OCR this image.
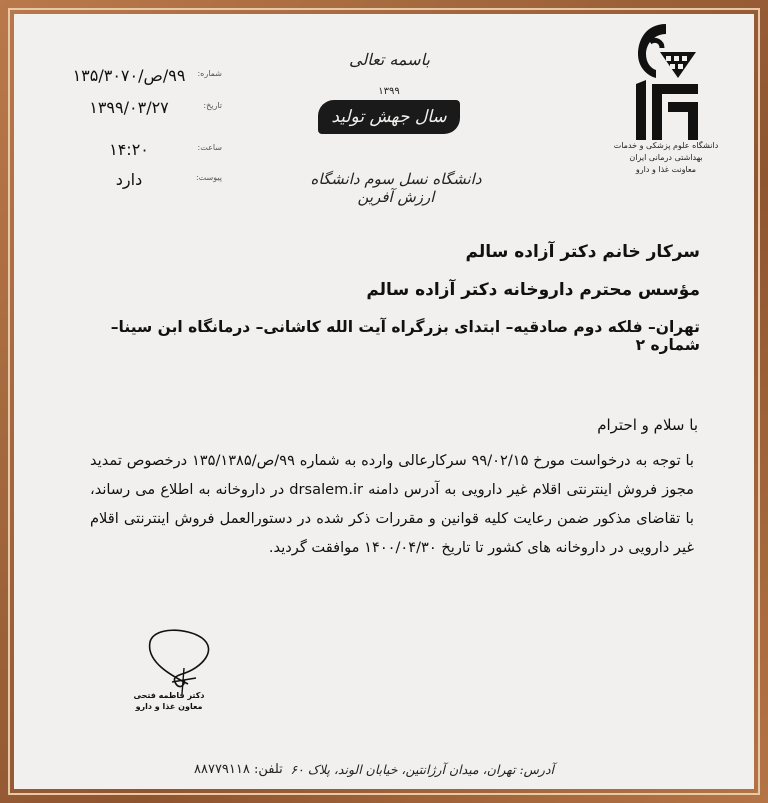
باسمه تعالی
۱۳۹۹
سال جهش تولید
دانشگاه نسل سوم دانشگاه ارزش آفرین
دانشگاه علوم پزشکی و خدمات بهداشتی درمانی ایران
معاونت غذا و دارو
۹۹/ص/۱۳۵/۳۰۷۰	شماره:
۱۳۹۹/۰۳/۲۷	تاریخ:
۱۴:۲۰	ساعت:
دارد	پیوست:
سرکار خانم دکتر آزاده سالم
مؤسس محترم داروخانه دکتر آزاده سالم
تهران– فلکه دوم صادقیه– ابتدای بزرگراه آیت الله کاشانی– درمانگاه ابن سینا– شماره ۲
با سلام و احترام
با توجه به درخواست مورخ ۹۹/۰۲/۱۵ سرکارعالی وارده به شماره ۹۹/ص/۱۳۵/۱۳۸۵ درخصوص تمدید مجوز فروش اینترنتی اقلام غیر دارویی به آدرس دامنه drsalem.ir در داروخانه به اطلاع می رساند، با تقاضای مذکور ضمن رعایت کلیه قوانین و مقررات ذکر شده در دستورالعمل فروش اینترنتی اقلام غیر دارویی در داروخانه های کشور تا تاریخ ۱۴۰۰/۰۴/۳۰ موافقت گردید.
دکتر فاطمه فتحی
معاون غذا و دارو
آدرس: تهران، میدان آرژانتین، خیابان الوند، پلاک ۶۰
تلفن: ۸۸۷۷۹۱۱۸
